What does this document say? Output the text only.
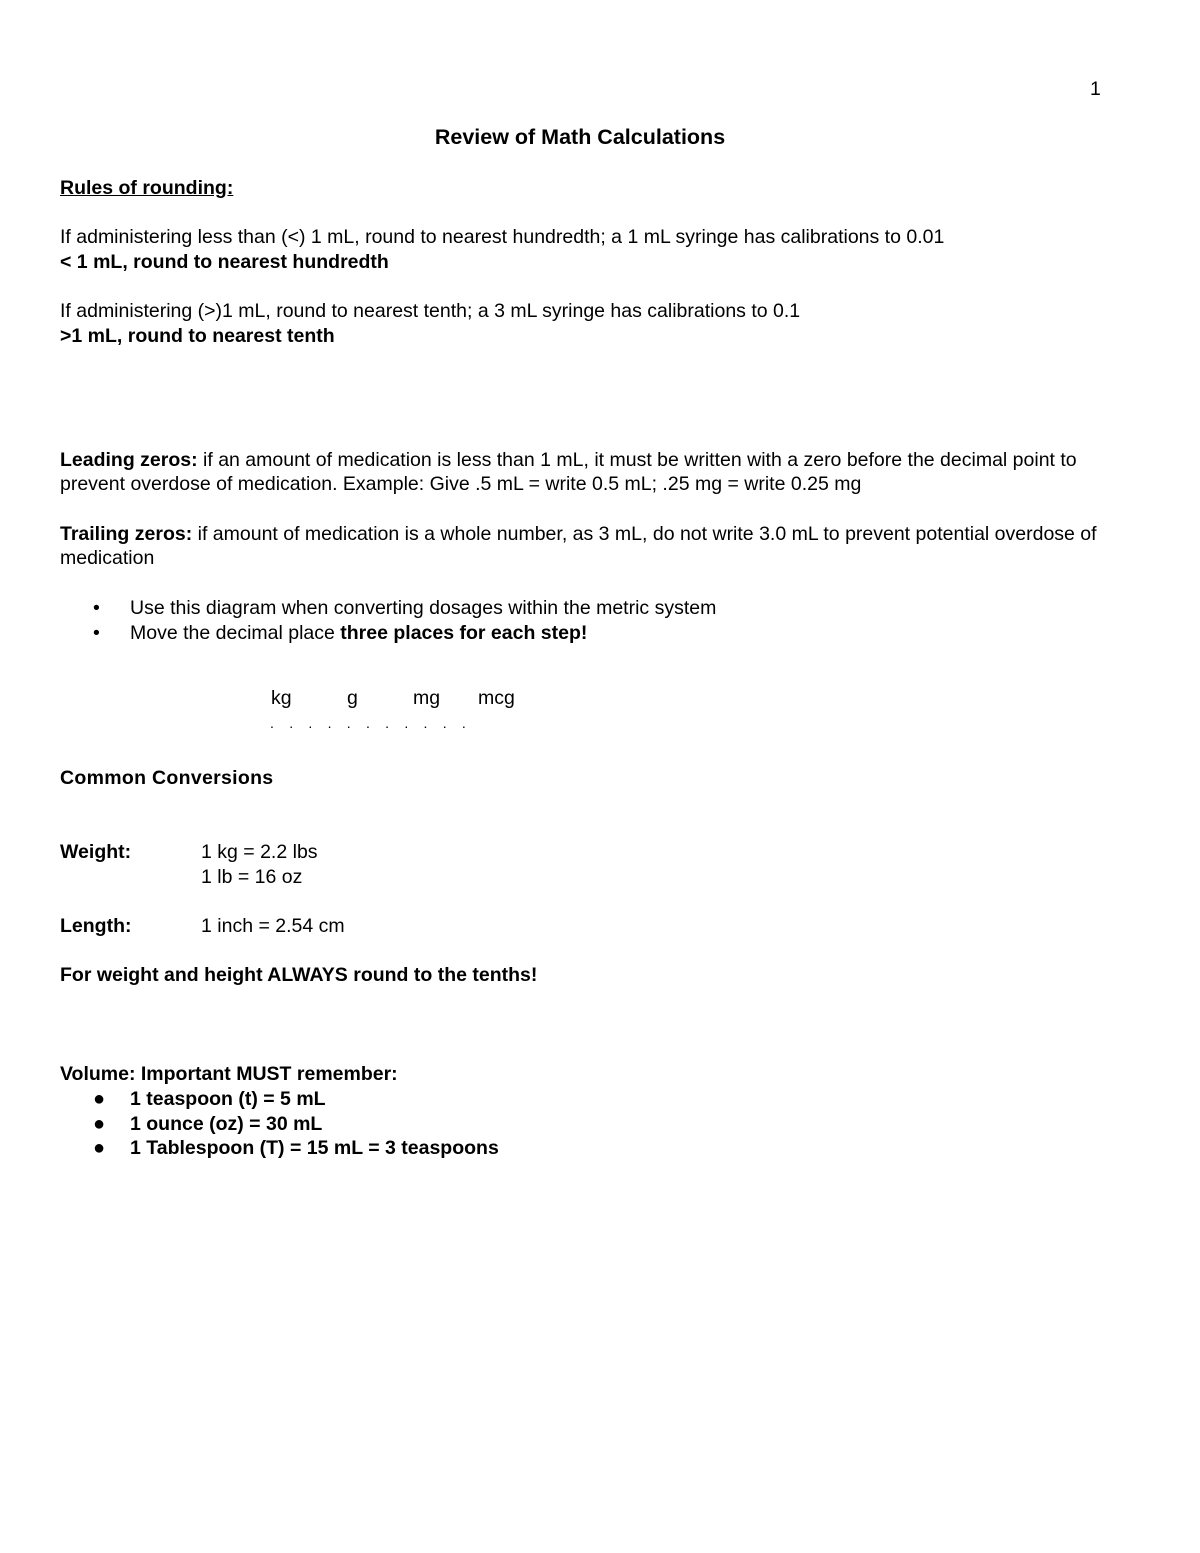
1
Review of Math Calculations

Rules of rounding:

If administering less than (<) 1 mL, round to nearest hundredth; a 1 mL syringe has calibrations to 0.01

< 1 mL, round to nearest hundredth

If administering (>)1 mL, round to nearest tenth; a 3 mL syringe has calibrations to 0.1

>1 mL, round to nearest tenth

Leading zeros: if an amount of medication is less than 1 mL, it must be written with a zero before the decimal point to prevent overdose of medication. Example: Give .5 mL = write 0.5 mL; .25 mg = write 0.25 mg

Trailing zeros: if amount of medication is a whole number, as 3 mL, do not write 3.0 mL to prevent potential overdose of medication

• Use this diagram when converting dosages within the metric system
• Move the decimal place three places for each step!
kg	g	mg mcg
...........

Common Conversions

Weight:	1 kg = 2.2 lbs
1 lb = 16 oz
Length:	1 inch = 2.54 cm

For weight and height ALWAYS round to the tenths!

Volume: Important MUST remember:

● 1 teaspoon (t) = 5 mL
● 1 ounce (oz) = 30 mL
● 1 Tablespoon (T) = 15 mL = 3 teaspoons
